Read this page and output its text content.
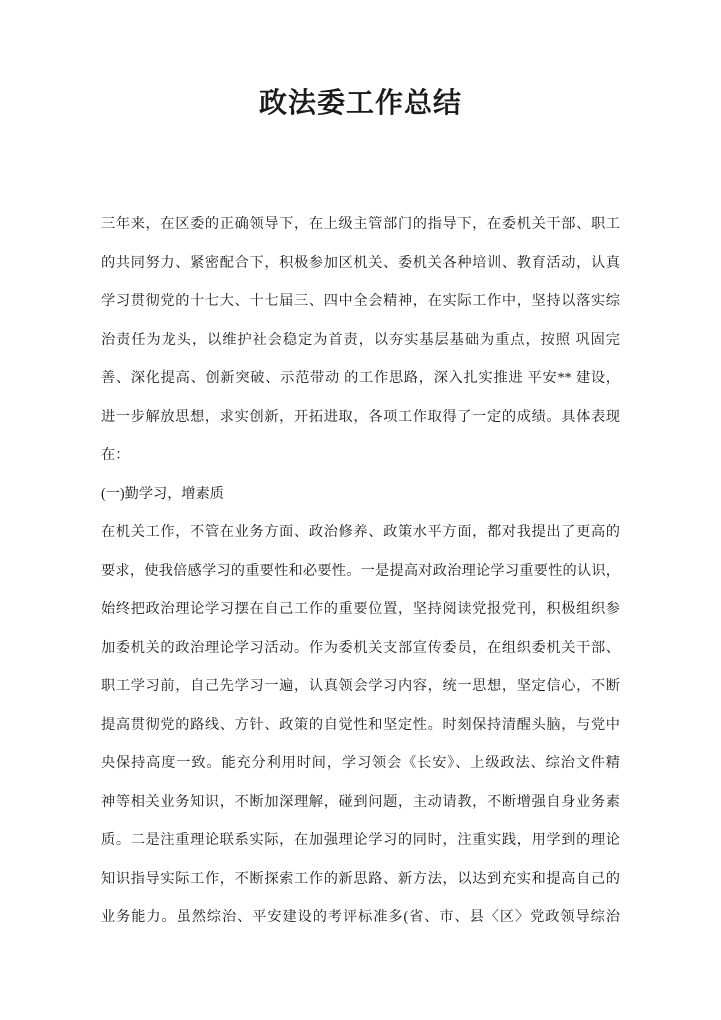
政法委工作总结
三年来，在区委的正确领导下，在上级主管部门的指导下，在委机关干部、职工
的共同努力、紧密配合下，积极参加区机关、委机关各种培训、教育活动，认真
学习贯彻党的十七大、十七届三、四中全会精神，在实际工作中，坚持以落实综
治责任为龙头，以维护社会稳定为首责，以夯实基层基础为重点，按照 巩固完
善、深化提高、创新突破、示范带动 的工作思路，深入扎实推进 平安** 建设，
进一步解放思想，求实创新，开拓进取，各项工作取得了一定的成绩。具体表现
在：
(一)勤学习，增素质
在机关工作，不管在业务方面、政治修养、政策水平方面，都对我提出了更高的
要求，使我倍感学习的重要性和必要性。一是提高对政治理论学习重要性的认识，
始终把政治理论学习摆在自己工作的重要位置，坚持阅读党报党刊，积极组织参
加委机关的政治理论学习活动。作为委机关支部宣传委员，在组织委机关干部、
职工学习前，自己先学习一遍，认真领会学习内容，统一思想，坚定信心，不断
提高贯彻党的路线、方针、政策的自觉性和坚定性。时刻保持清醒头脑，与党中
央保持高度一致。能充分利用时间，学习领会《长安》、上级政法、综治文件精
神等相关业务知识，不断加深理解，碰到问题，主动请教，不断增强自身业务素
质。二是注重理论联系实际，在加强理论学习的同时，注重实践，用学到的理论
知识指导实际工作，不断探索工作的新思路、新方法，以达到充实和提高自己的
业务能力。虽然综治、平安建设的考评标准多(省、市、县〈区〉党政领导综治
